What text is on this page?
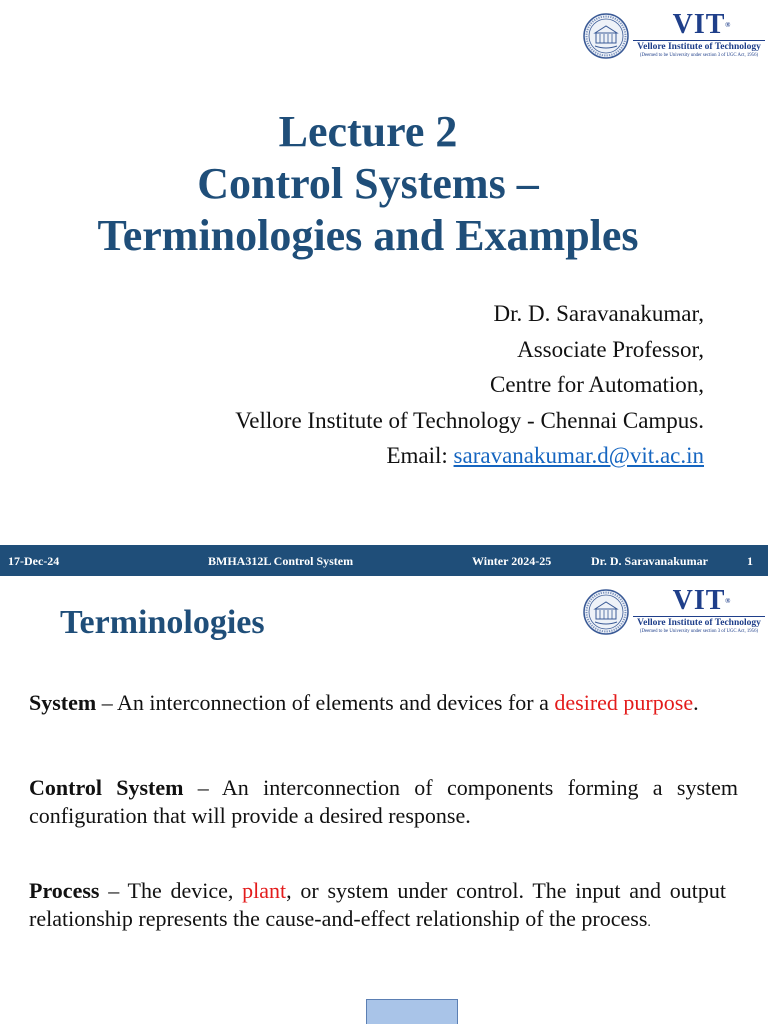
VIT ®
Vellore Institute of Technology
(Deemed to be University under section 3 of UGC Act, 1956)
Lecture 2
Control Systems –
Terminologies and Examples
Dr. D. Saravanakumar,
Associate Professor,
Centre for Automation,
Vellore Institute of Technology - Chennai Campus.
Email: saravanakumar.d@vit.ac.in
17-Dec-24	BMHA312L Control System	Winter 2024-25	Dr. D. Saravanakumar	1
VIT ®
Vellore Institute of Technology
(Deemed to be University under section 3 of UGC Act, 1956)
Terminologies
System – An interconnection of elements and devices for a desired purpose.
Control System – An interconnection of components forming a system configuration that will provide a desired response.
Process – The device, plant, or system under control. The input and output relationship represents the cause-and-effect relationship of the process.
